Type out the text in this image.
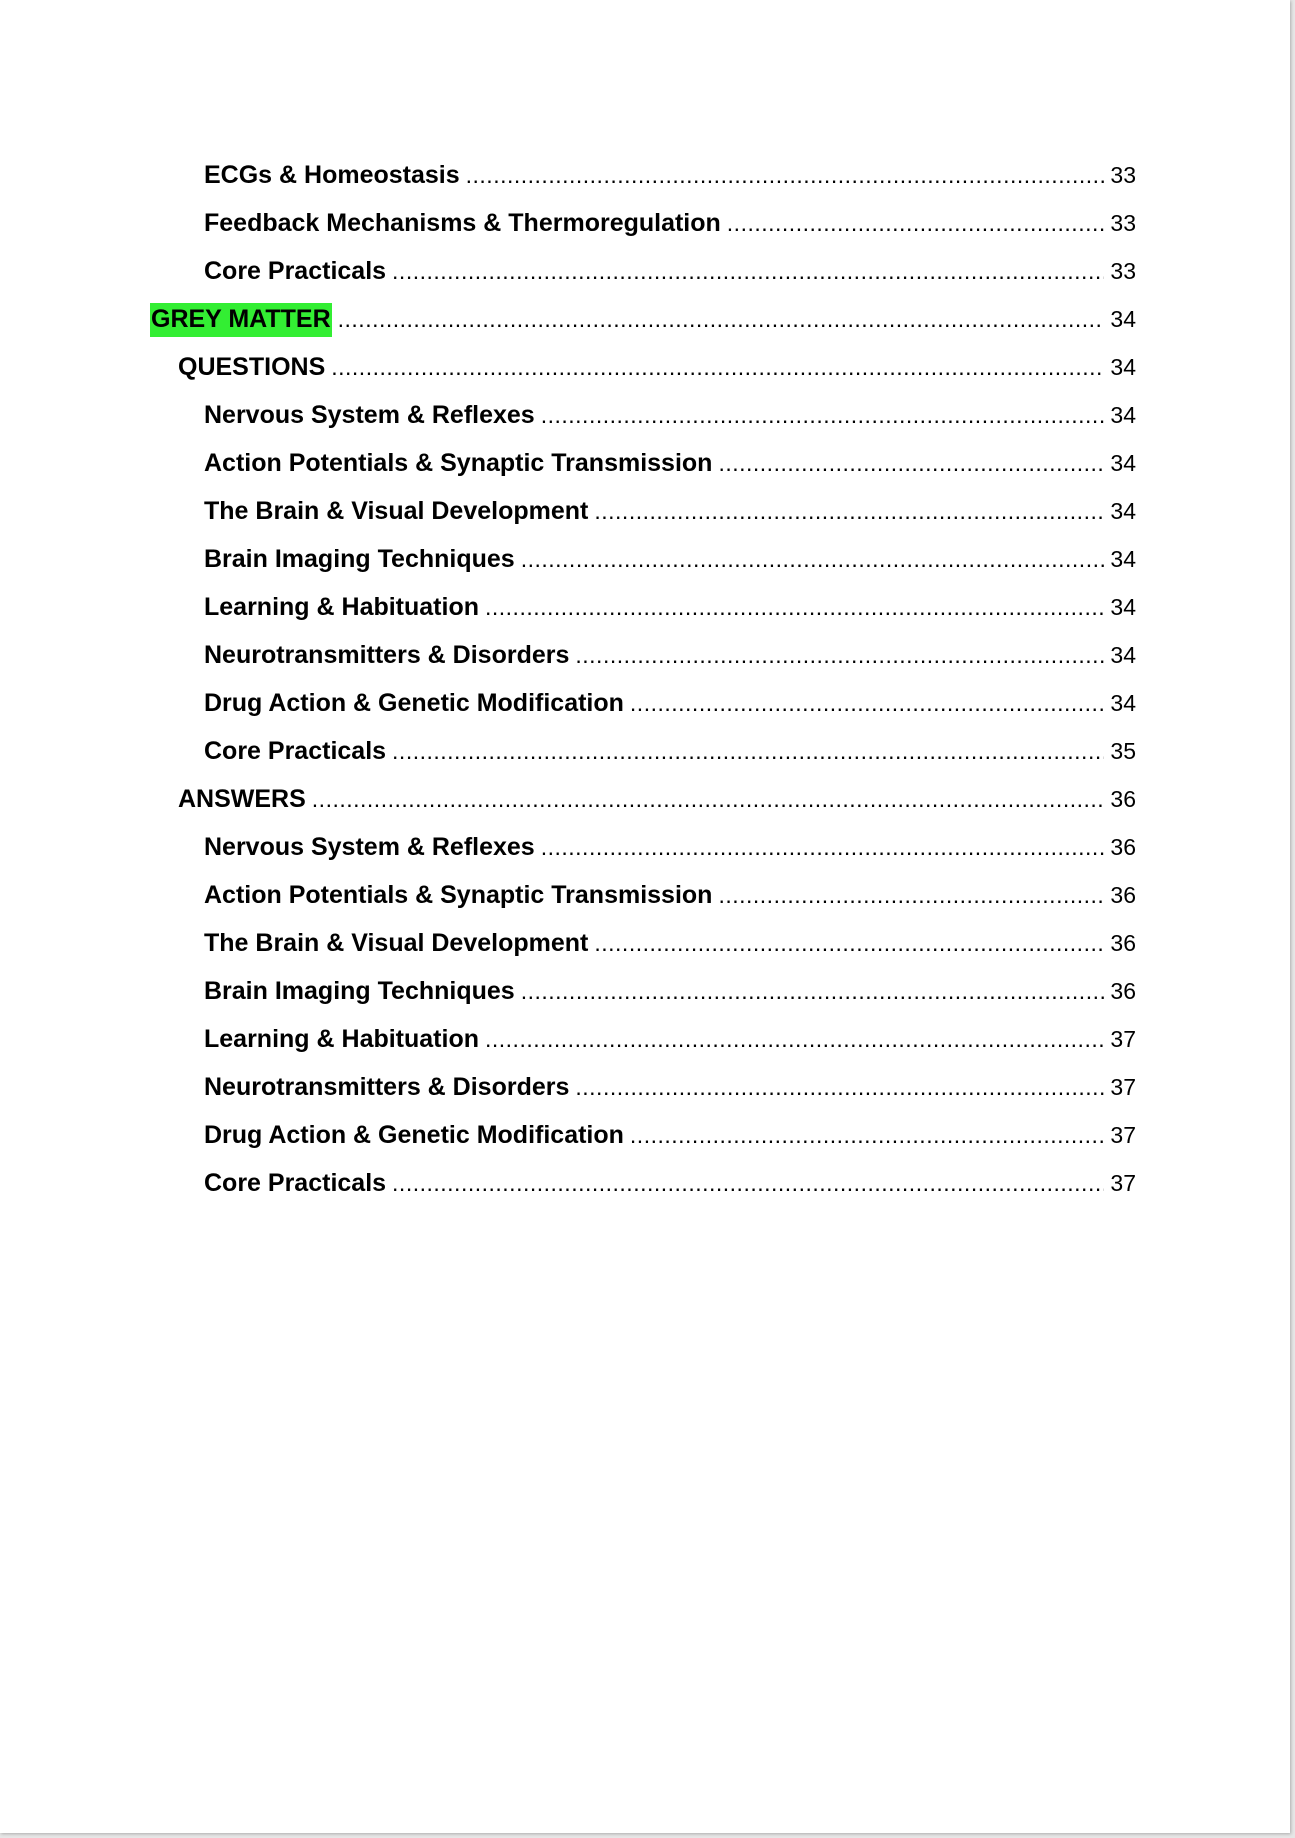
ECGs & Homeostasis .....	33
Feedback Mechanisms & Thermoregulation .....	33
Core Practicals .....	33
GREY MATTER .....	34
QUESTIONS .....	34
Nervous System & Reflexes .....	34
Action Potentials & Synaptic Transmission .....	34
The Brain & Visual Development .....	34
Brain Imaging Techniques .....	34
Learning & Habituation .....	34
Neurotransmitters & Disorders .....	34
Drug Action & Genetic Modification .....	34
Core Practicals .....	35
ANSWERS .....	36
Nervous System & Reflexes .....	36
Action Potentials & Synaptic Transmission .....	36
The Brain & Visual Development .....	36
Brain Imaging Techniques .....	36
Learning & Habituation .....	37
Neurotransmitters & Disorders .....	37
Drug Action & Genetic Modification .....	37
Core Practicals .....	37
